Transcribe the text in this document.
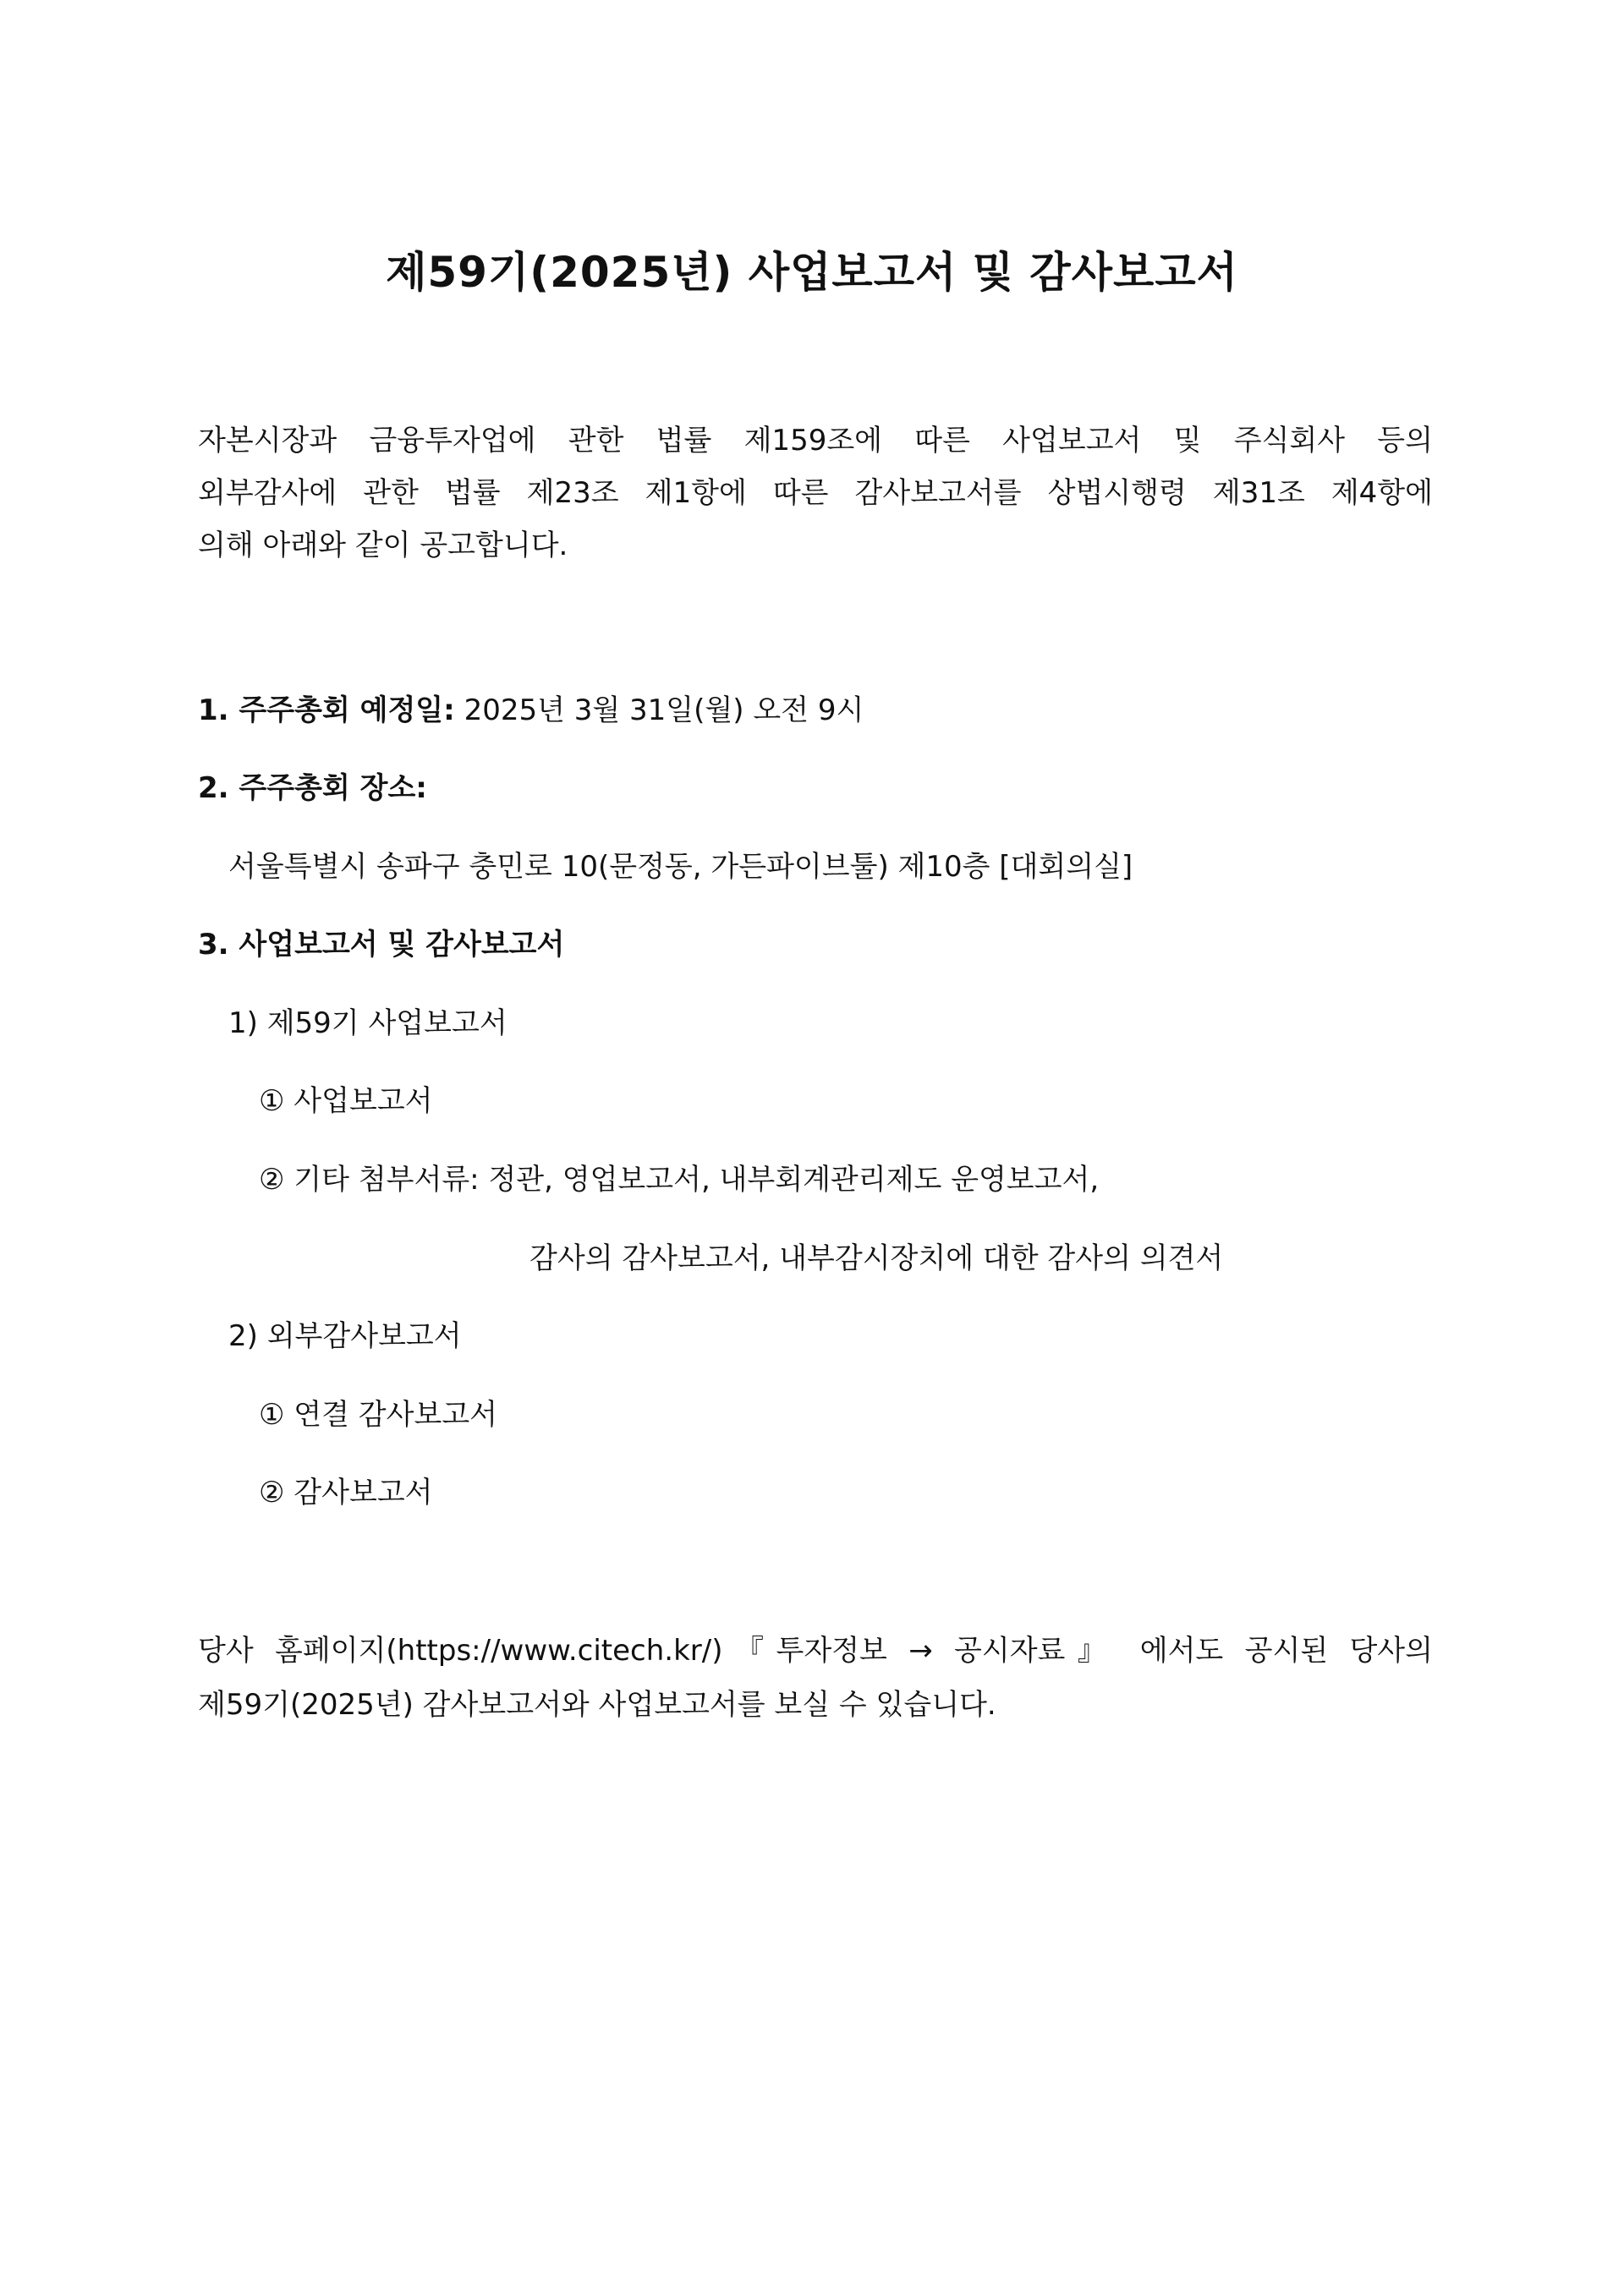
제59기(2025년) 사업보고서 및 감사보고서
자본시장과 금융투자업에 관한 법률 제159조에 따른 사업보고서 및 주식회사 등의
외부감사에 관한 법률 제23조 제1항에 따른 감사보고서를 상법시행령 제31조 제4항에
의해 아래와 같이 공고합니다.
1. 주주총회 예정일: 2025년 3월 31일(월) 오전 9시
2. 주주총회 장소:
서울특별시 송파구 충민로 10(문정동, 가든파이브툴) 제10층 [대회의실]
3. 사업보고서 및 감사보고서
1) 제59기 사업보고서
① 사업보고서
② 기타 첨부서류: 정관, 영업보고서, 내부회계관리제도 운영보고서,
감사의 감사보고서, 내부감시장치에 대한 감사의 의견서
2) 외부감사보고서
① 연결 감사보고서
② 감사보고서
당사 홈페이지(https://www.citech.kr/)『투자정보 → 공시자료』 에서도 공시된 당사의
제59기(2025년) 감사보고서와 사업보고서를 보실 수 있습니다.
